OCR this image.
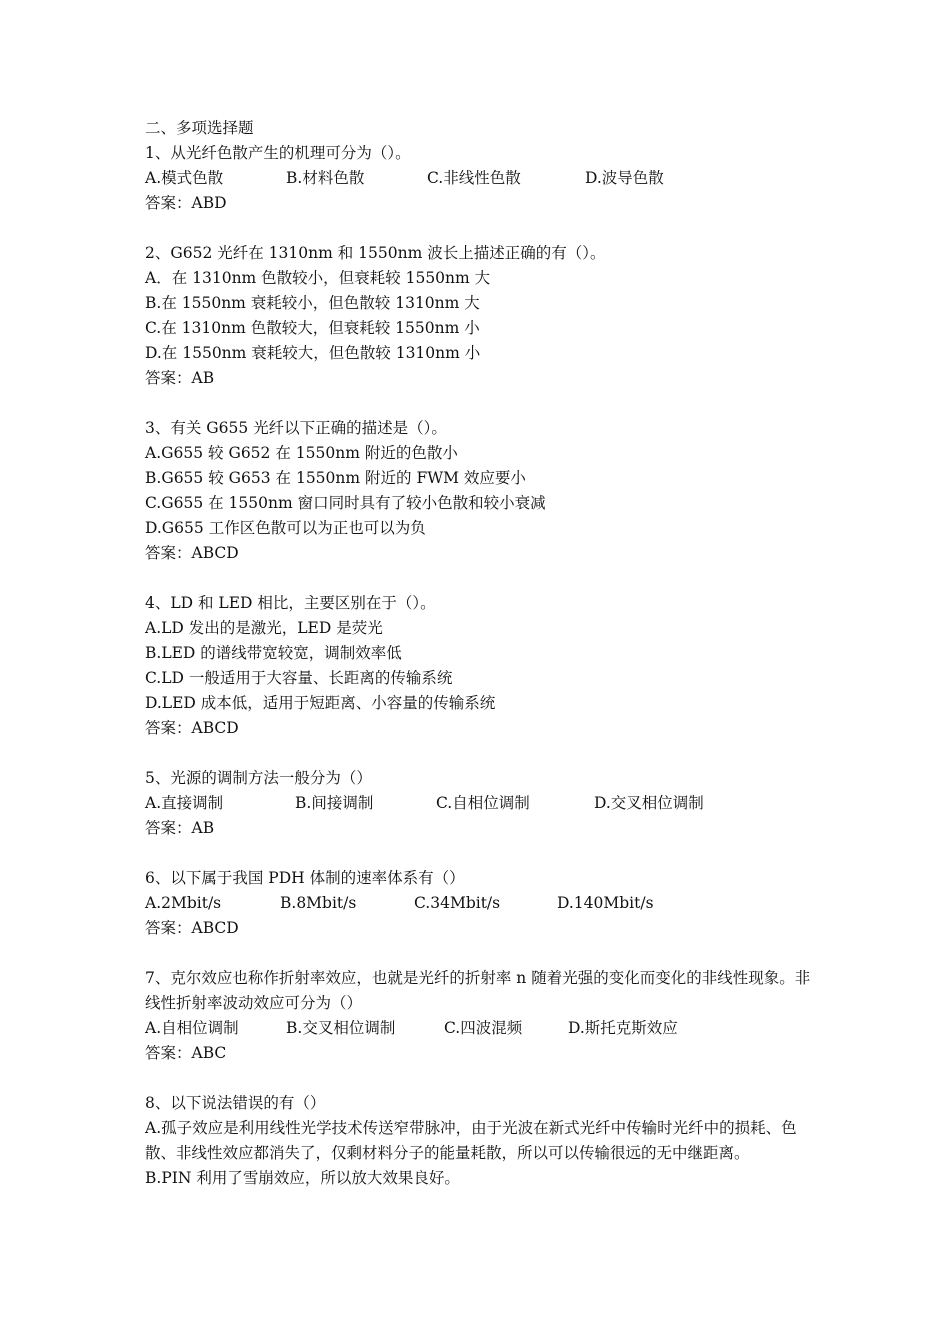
二、多项选择题
1、从光纤色散产生的机理可分为（）。
A.模式色散	B.材料色散	C.非线性色散	D.波导色散
答案：ABD
2、G652 光纤在 1310nm 和 1550nm 波长上描述正确的有（）。
A．在 1310nm 色散较小，但衰耗较 1550nm 大
B.在 1550nm 衰耗较小，但色散较 1310nm 大
C.在 1310nm 色散较大，但衰耗较 1550nm 小
D.在 1550nm 衰耗较大，但色散较 1310nm 小
答案：AB
3、有关 G655 光纤以下正确的描述是（）。
A.G655 较 G652 在 1550nm 附近的色散小
B.G655 较 G653 在 1550nm 附近的 FWM 效应要小
C.G655 在 1550nm 窗口同时具有了较小色散和较小衰减
D.G655 工作区色散可以为正也可以为负
答案：ABCD
4、LD 和 LED 相比，主要区别在于（）。
A.LD 发出的是激光，LED 是荧光
B.LED 的谱线带宽较宽，调制效率低
C.LD 一般适用于大容量、长距离的传输系统
D.LED 成本低，适用于短距离、小容量的传输系统
答案：ABCD
5、光源的调制方法一般分为（）
A.直接调制	B.间接调制	C.自相位调制	D.交叉相位调制
答案：AB
6、以下属于我国 PDH 体制的速率体系有（）
A.2Mbit/s	B.8Mbit/s	C.34Mbit/s	D.140Mbit/s
答案：ABCD
7、克尔效应也称作折射率效应，也就是光纤的折射率 n 随着光强的变化而变化的非线性现象。非线性折射率波动效应可分为（）
A.自相位调制	B.交叉相位调制	C.四波混频	D.斯托克斯效应
答案：ABC
8、以下说法错误的有（）
A.孤子效应是利用线性光学技术传送窄带脉冲，由于光波在新式光纤中传输时光纤中的损耗、色散、非线性效应都消失了，仅剩材料分子的能量耗散，所以可以传输很远的无中继距离。
B.PIN 利用了雪崩效应，所以放大效果良好。
